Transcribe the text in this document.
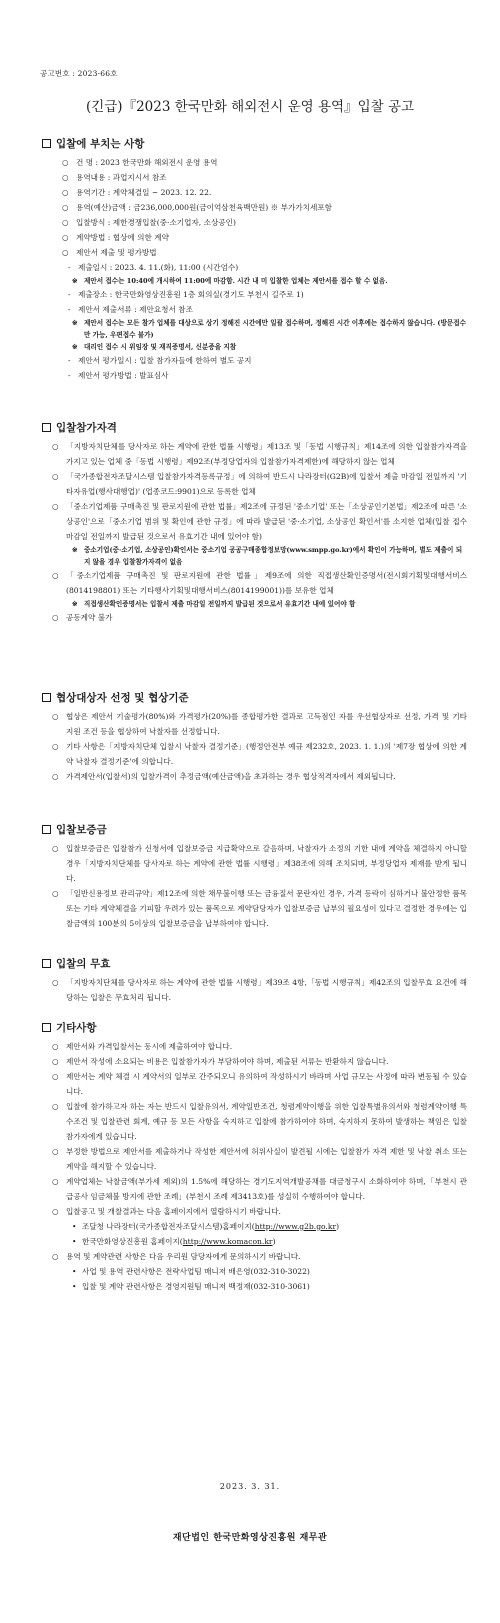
공고번호 : 2023-66호
(긴급)『2023 한국만화 해외전시 운영 용역』입찰 공고
입찰에 부치는 사항
○ 건 명 : 2023 한국만화 해외전시 운영 용역
○ 용역내용 : 과업지시서 참조
○ 용역기간 : 계약체결일 ~ 2023. 12. 22.
○ 용역(예산)금액 : 금236,000,000원(금이억삼천육백만원) ※ 부가가치세포함
○ 입찰방식 : 제한경쟁입찰(중·소기업자, 소상공인)
○ 계약방법 : 협상에 의한 계약
○ 제안서 제출 및 평가방법
- 제출일시 : 2023. 4. 11.(화), 11:00 (시간엄수)
※ 제안서 접수는 10:40에 개시하여 11:00에 마감함. 시간 내 미 입찰한 업체는 제안서를 접수 할 수 없음.
- 제출장소 : 한국만화영상진흥원 1층 회의실(경기도 부천시 길주로 1)
- 제안서 제출서류 : 제안요청서 참조
※ 제안서 접수는 모든 참가 업체를 대상으로 상기 정해진 시간에만 일괄 접수하며, 정해진 시간 이후에는 접수하지 않습니다. (방문접수만 가능, 우편접수 불가)
※ 대리인 접수 시 위임장 및 재직증명서, 신분증을 지참
- 제안서 평가일시 : 입찰 참가자들에 한하여 별도 공지
- 제안서 평가방법 : 발표심사
입찰참가자격
○ 「지방자치단체를 당사자로 하는 계약에 관한 법률 시행령」제13조 및「동법 시행규칙」제14조에 의한 입찰참가자격을 가지고 있는 업체 중「동법 시행령」제92조(부정당업자의 입찰참가자격제한)에 해당하지 않는 업체
○ 「국가종합전자조달시스템 입찰참가자격등록규정」에 의하여 반드시 나라장터(G2B)에 입찰서 제출 마감일 전일까지 '기타자유업(행사대행업)' (업종코드:9901)으로 등록한 업체
○ 「중소기업제품 구매촉진 및 판로지원에 관한 법률」제2조에 규정된 '중소기업' 또는「소상공인기본법」제2조에 따른 '소상공인'으로「중소기업 범위 및 확인에 관한 규정」에 따라 발급된 '중·소기업, 소상공인 확인서'를 소지한 업체(입찰 접수 마감일 전일까지 발급된 것으로서 유효기간 내에 있어야 함)
※ 중소기업(중·소기업, 소상공인)확인서는 중소기업 공공구매종합정보망(www.smpp.go.kr)에서 확인이 가능하며, 별도 제출이 되지 않을 경우 입찰참가자격이 없음
○ 「중소기업제품 구매촉진 및 판로지원에 관한 법률」제9조에 의한 직접생산확인증명서(전시회기획및대행서비스(8014198801) 또는 기타행사기획및대행서비스(8014199001))를 보유한 업체
※ 직접생산확인증명서는 입찰서 제출 마감일 전일까지 발급된 것으로서 유효기간 내에 있어야 함
○ 공동계약 불가
협상대상자 선정 및 협상기준
○ 협상은 제안서 기술평가(80%)와 가격평가(20%)를 종합평가한 결과로 고득점인 자를 우선협상자로 선정, 가격 및 기타 지원 조건 등을 협상하여 낙찰자를 선정합니다.
○ 기타 사항은「지방자치단체 입찰시 낙찰자 결정기준」(행정안전부 예규 제232호, 2023. 1. 1.)의 '제7장 협상에 의한 계약 낙찰자 결정기준'에 의합니다.
○ 가격제안서(입찰서)의 입찰가격이 추정금액(예산금액)을 초과하는 경우 협상적격자에서 제외됩니다.
입찰보증금
○ 입찰보증금은 입찰참가 신청서에 입찰보증금 지급확약으로 갈음하며, 낙찰자가 소정의 기한 내에 계약을 체결하지 아니할 경우「지방자치단체를 당사자로 하는 계약에 관한 법률 시행령」제38조에 의해 조치되며, 부정당업자 제재를 받게 됩니다.
○ 「일반신용정보 관리규약」제12조에 의한 채무불이행 또는 금융질서 문란자인 경우, 가격 등락이 심하거나 불안정한 품목 또는 기타 계약체결을 기피할 우려가 있는 품목으로 계약담당자가 입찰보증금 납부의 필요성이 있다고 결정한 경우에는 입찰금액의 100분의 5이상의 입찰보증금을 납부하여야 합니다.
입찰의 무효
○ 「지방자치단체를 당사자로 하는 계약에 관한 법률 시행령」제39조 4항,「동법 시행규칙」제42조의 입찰무효 요건에 해당하는 입찰은 무효처리 됩니다.
기타사항
○ 제안서와 가격입찰서는 동시에 제출하여야 합니다.
○ 제안서 작성에 소요되는 비용은 입찰참가자가 부담하여야 하며, 제출된 서류는 반환하지 않습니다.
○ 제안서는 계약 체결 시 계약서의 일부로 간주되오니 유의하여 작성하시기 바라며 사업 규모는 사정에 따라 변동될 수 있습니다.
○ 입찰에 참가하고자 하는 자는 반드시 입찰유의서, 계약일반조건, 청렴계약이행을 위한 입찰특별유의서와 청렴계약이행 특수조건 및 입찰관련 회계, 예규 등 모든 사항을 숙지하고 입찰에 참가하여야 하며, 숙지하지 못하여 발생하는 책임은 입찰참가자에게 있습니다.
○ 부정한 방법으로 제안서를 제출하거나 작성한 제안서에 허위사실이 발견될 시에는 입찰참가 자격 제한 및 낙찰 취소 또는 계약을 해지할 수 있습니다.
○ 계약업체는 낙찰금액(부가세 제외)의 1.5%에 해당하는 경기도지역개발공채를 대금청구시 소화하여야 하며,「부천시 관급공사 임금체불 방지에 관한 조례」(부천시 조례 제3413호)를 성실히 수행하여야 합니다.
○ 입찰공고 및 개찰결과는 다음 홈페이지에서 열람하시기 바랍니다.
• 조달청 나라장터(국가종합전자조달시스템)홈페이지(http://www.g2b.go.kr)
• 한국만화영상진흥원 홈페이지(http://www.komacon.kr)
○ 용역 및 계약관련 사항은 다음 우리원 담당자에게 문의하시기 바랍니다.
• 사업 및 용역 관련사항은 전략사업팀 매니저 배은영(032-310-3022)
• 입찰 및 계약 관련사항은 경영지원팀 매니저 백정재(032-310-3061)
2023. 3. 31.
재단법인 한국만화영상진흥원 재무관
